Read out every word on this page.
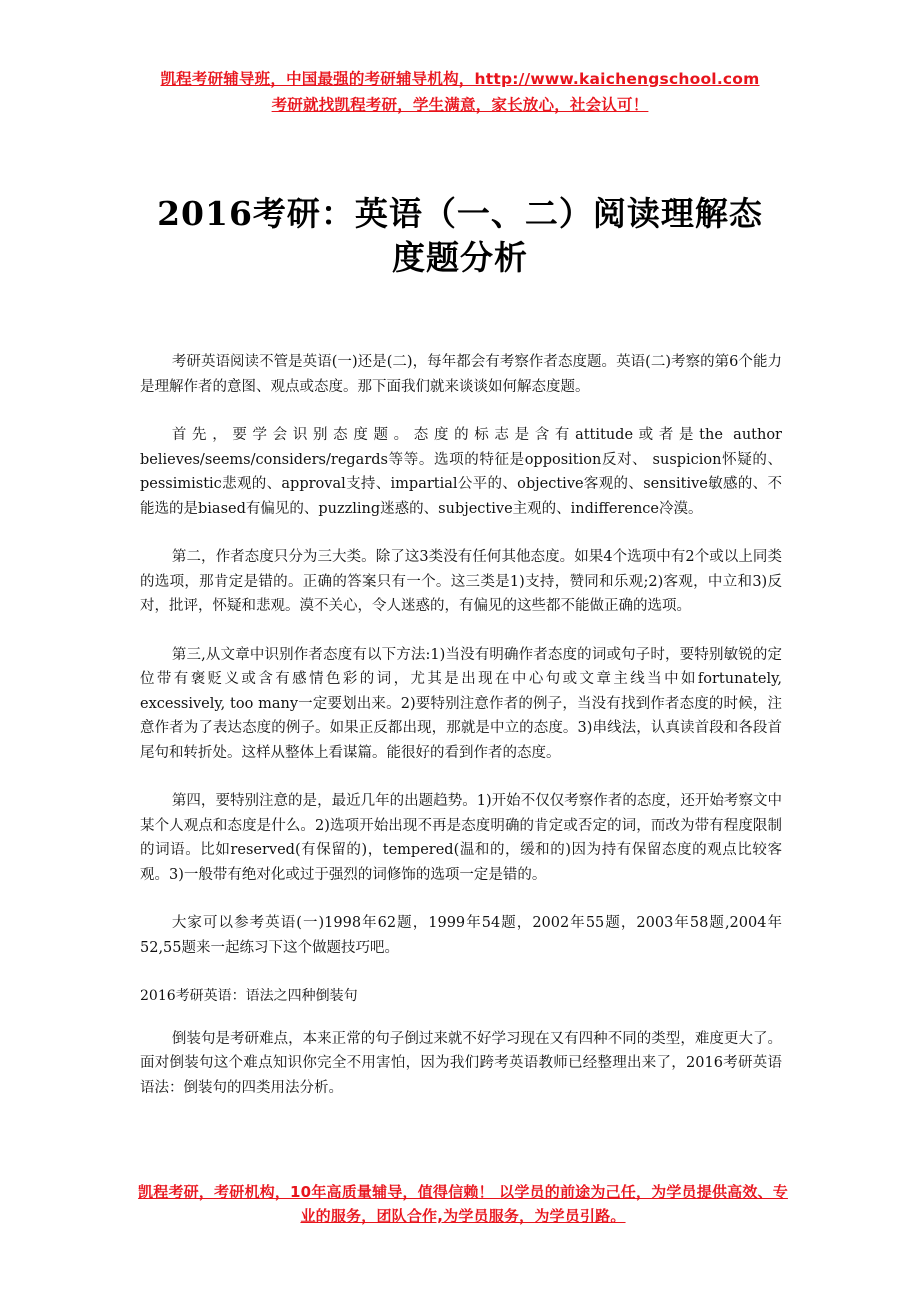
凯程考研辅导班，中国最强的考研辅导机构，http://www.kaichengschool.com
考研就找凯程考研，学生满意，家长放心，社会认可！
2016考研：英语（一、二）阅读理解态
度题分析

考研英语阅读不管是英语(一)还是(二)，每年都会有考察作者态度题。英语(二)考察的第6个能力是理解作者的意图、观点或态度。那下面我们就来谈谈如何解态度题。

首先，要学会识别态度题。态度的标志是含有attitude或者是the author believes/seems/considers/regards等等。选项的特征是opposition反对、 suspicion怀疑的、pessimistic悲观的、approval支持、impartial公平的、objective客观的、sensitive敏感的、不能选的是biased有偏见的、puzzling迷惑的、subjective主观的、indifference冷漠。

第二，作者态度只分为三大类。除了这3类没有任何其他态度。如果4个选项中有2个或以上同类的选项，那肯定是错的。正确的答案只有一个。这三类是1)支持，赞同和乐观;2)客观，中立和3)反对，批评，怀疑和悲观。漠不关心，令人迷惑的，有偏见的这些都不能做正确的选项。

第三,从文章中识别作者态度有以下方法:1)当没有明确作者态度的词或句子时，要特别敏锐的定位带有褒贬义或含有感情色彩的词，尤其是出现在中心句或文章主线当中如fortunately, excessively, too many一定要划出来。2)要特别注意作者的例子，当没有找到作者态度的时候，注意作者为了表达态度的例子。如果正反都出现，那就是中立的态度。3)串线法，认真读首段和各段首尾句和转折处。这样从整体上看谋篇。能很好的看到作者的态度。

第四，要特别注意的是，最近几年的出题趋势。1)开始不仅仅考察作者的态度，还开始考察文中某个人观点和态度是什么。2)选项开始出现不再是态度明确的肯定或否定的词，而改为带有程度限制的词语。比如reserved(有保留的)，tempered(温和的，缓和的)因为持有保留态度的观点比较客观。3)一般带有绝对化或过于强烈的词修饰的选项一定是错的。

大家可以参考英语(一)1998年62题，1999年54题，2002年55题，2003年58题,2004年52,55题来一起练习下这个做题技巧吧。

2016考研英语：语法之四种倒装句

倒装句是考研难点，本来正常的句子倒过来就不好学习现在又有四种不同的类型，难度更大了。面对倒装句这个难点知识你完全不用害怕，因为我们跨考英语教师已经整理出来了，2016考研英语语法：倒装句的四类用法分析。

凯程考研，考研机构，10年高质量辅导，值得信赖！ 以学员的前途为己任，为学员提供高效、专业的服务，团队合作,为学员服务，为学员引路。
